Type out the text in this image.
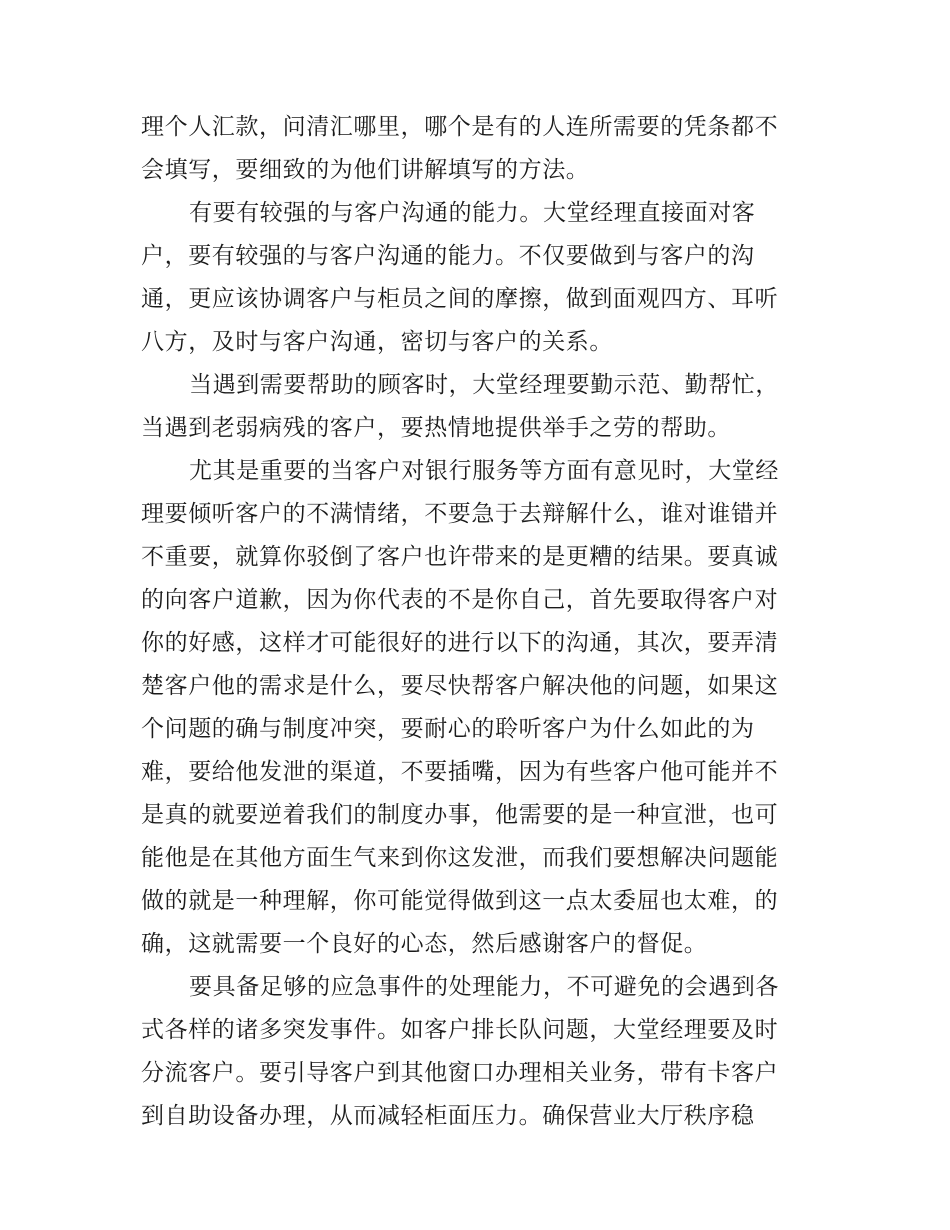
理个人汇款，问清汇哪里，哪个是有的人连所需要的凭条都不

会填写，要细致的为他们讲解填写的方法。

有要有较强的与客户沟通的能力。大堂经理直接面对客

户，要有较强的与客户沟通的能力。不仅要做到与客户的沟

通，更应该协调客户与柜员之间的摩擦，做到面观四方、耳听

八方，及时与客户沟通，密切与客户的关系。

当遇到需要帮助的顾客时，大堂经理要勤示范、勤帮忙，

当遇到老弱病残的客户，要热情地提供举手之劳的帮助。

尤其是重要的当客户对银行服务等方面有意见时，大堂经

理要倾听客户的不满情绪，不要急于去辩解什么，谁对谁错并

不重要，就算你驳倒了客户也许带来的是更糟的结果。要真诚

的向客户道歉，因为你代表的不是你自己，首先要取得客户对

你的好感，这样才可能很好的进行以下的沟通，其次，要弄清

楚客户他的需求是什么，要尽快帮客户解决他的问题，如果这

个问题的确与制度冲突，要耐心的聆听客户为什么如此的为

难，要给他发泄的渠道，不要插嘴，因为有些客户他可能并不

是真的就要逆着我们的制度办事，他需要的是一种宣泄，也可

能他是在其他方面生气来到你这发泄，而我们要想解决问题能

做的就是一种理解，你可能觉得做到这一点太委屈也太难，的

确，这就需要一个良好的心态，然后感谢客户的督促。

要具备足够的应急事件的处理能力，不可避免的会遇到各

式各样的诸多突发事件。如客户排长队问题，大堂经理要及时

分流客户。要引导客户到其他窗口办理相关业务，带有卡客户

到自助设备办理，从而减轻柜面压力。确保营业大厅秩序稳
